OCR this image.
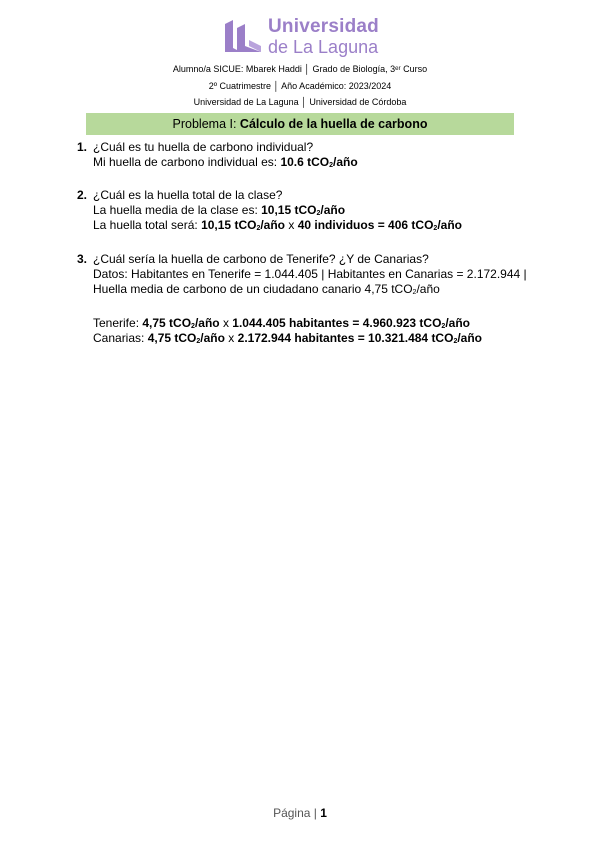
Universidad
de La Laguna
Alumno/a SICUE: Mbarek Haddi │ Grado de Biología, 3ᵉʳ Curso
2º Cuatrimestre │ Año Académico: 2023/2024
Universidad de La Laguna │ Universidad de Córdoba
Problema I: Cálculo de la huella de carbono
1. ¿Cuál es tu huella de carbono individual?
Mi huella de carbono individual es: 10.6 tCO$_2$/año
2. ¿Cuál es la huella total de la clase?
La huella media de la clase es: 10,15 tCO$_2$/año
La huella total será: 10,15 tCO$_2$/año x 40 individuos = 406 tCO$_2$/año
3. ¿Cuál sería la huella de carbono de Tenerife? ¿Y de Canarias?
Datos: Habitantes en Tenerife = 1.044.405 | Habitantes en Canarias = 2.172.944 |
Huella media de carbono de un ciudadano canario 4,75 tCO$_2$/año
Tenerife: 4,75 tCO$_2$/año x 1.044.405 habitantes = 4.960.923 tCO$_2$/año
Canarias: 4,75 tCO$_2$/año x 2.172.944 habitantes = 10.321.484 tCO$_2$/año
Página | 1
